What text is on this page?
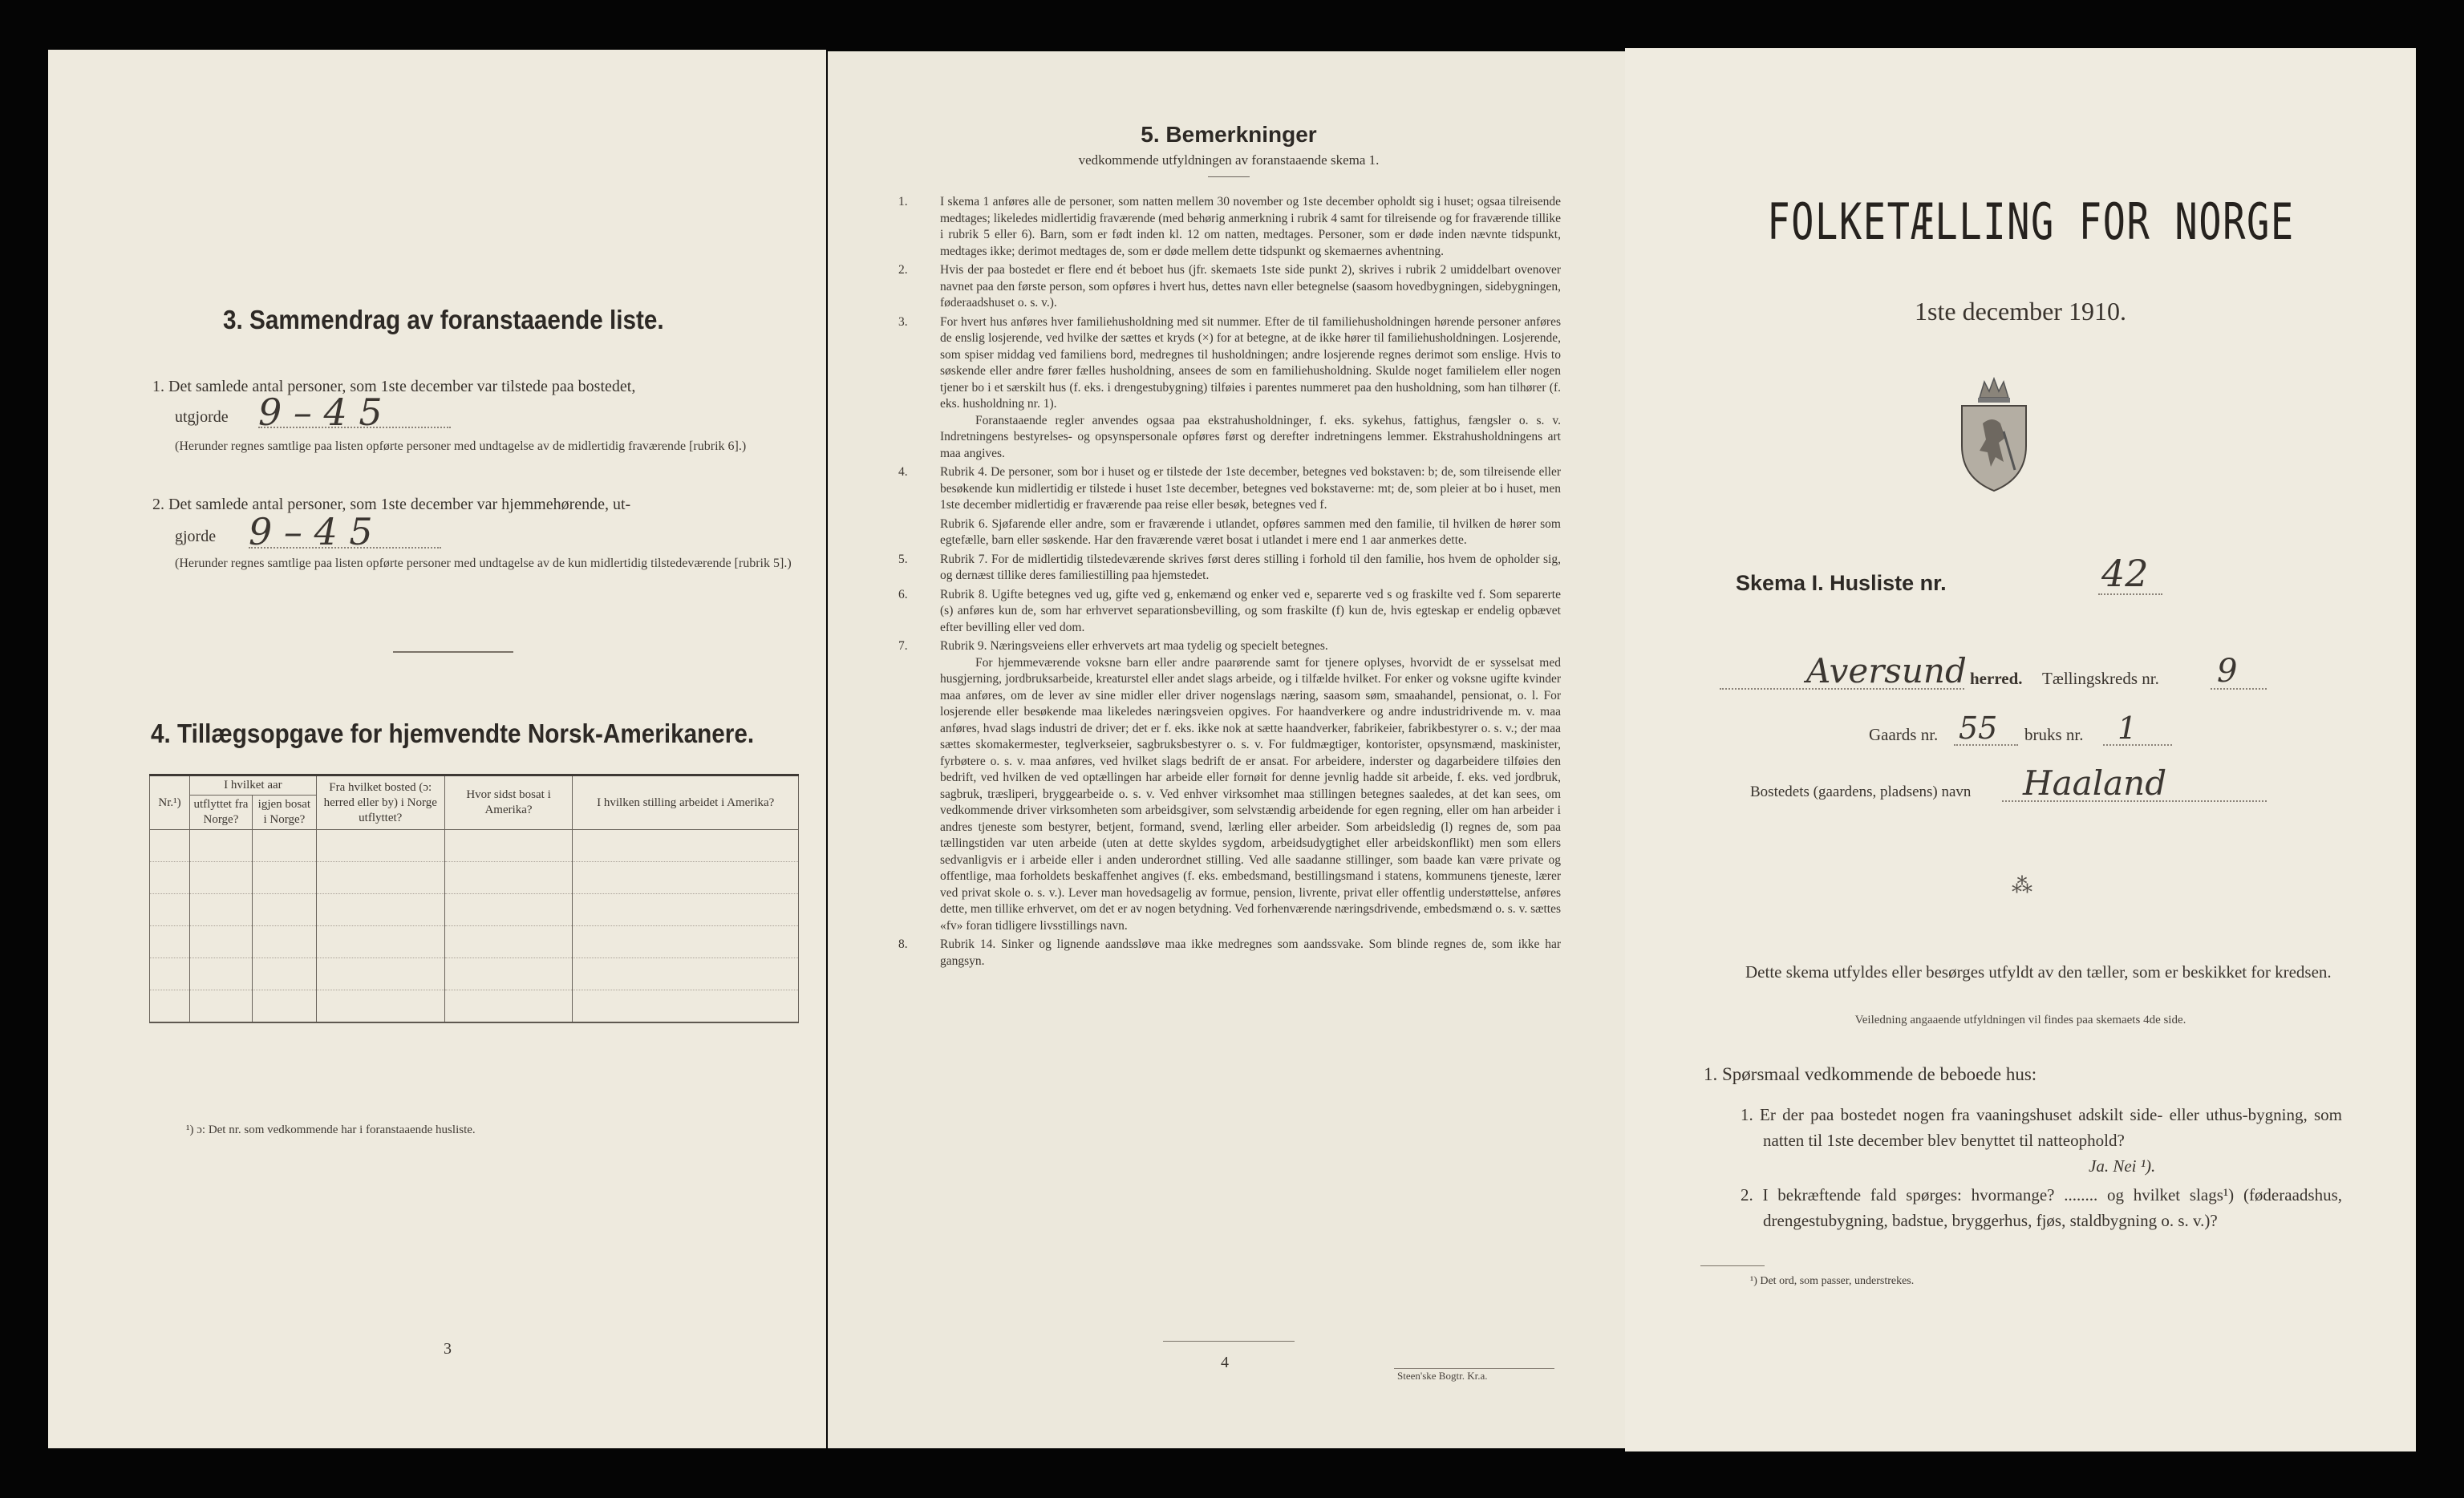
3. Sammendrag av foranstaaende liste.
1. Det samlede antal personer, som 1ste december var tilstede paa bostedet,
utgjorde 9 – 4 5
(Herunder regnes samtlige paa listen opførte personer med undtagelse av de midlertidig fraværende [rubrik 6].)
2. Det samlede antal personer, som 1ste december var hjemmehørende, ut-
gjorde 9 – 4 5
(Herunder regnes samtlige paa listen opførte personer med undtagelse av de kun midlertidig tilstedeværende [rubrik 5].)
4. Tillægsopgave for hjemvendte Norsk-Amerikanere.
Nr.¹)	I hvilket aar		Fra hvilket bosted (ɔ: herred eller by) i Norge utflyttet?	Hvor sidst bosat i Amerika?	I hvilken stilling arbeidet i Amerika?
	utflyttet fra Norge?	igjen bosat i Norge?			

¹) ɔ: Det nr. som vedkommende har i foranstaaende husliste.
3
5. Bemerkninger
vedkommende utfyldningen av foranstaaende skema 1.

1.	I skema 1 anføres alle de personer, som natten mellem 30 november og 1ste december opholdt sig i huset; ogsaa tilreisende medtages; likeledes midlertidig fraværende (med behørig anmerkning i rubrik 4 samt for tilreisende og for fraværende tillike i rubrik 5 eller 6). Barn, som er født inden kl. 12 om natten, medtages. Personer, som er døde inden nævnte tidspunkt, medtages ikke; derimot medtages de, som er døde mellem dette tidspunkt og skemaernes avhentning.

2.	Hvis der paa bostedet er flere end ét beboet hus (jfr. skemaets 1ste side punkt 2), skrives i rubrik 2 umiddelbart ovenover navnet paa den første person, som opføres i hvert hus, dettes navn eller betegnelse (saasom hovedbygningen, sidebygningen, føderaadshuset o. s. v.).

3.	For hvert hus anføres hver familiehusholdning med sit nummer. Efter de til familiehusholdningen hørende personer anføres de enslig losjerende, ved hvilke der sættes et kryds (×) for at betegne, at de ikke hører til familiehusholdningen. Losjerende, som spiser middag ved familiens bord, medregnes til husholdningen; andre losjerende regnes derimot som enslige. Hvis to søskende eller andre fører fælles husholdning, ansees de som en familiehusholdning. Skulde noget familielem eller nogen tjener bo i et særskilt hus (f. eks. i drengestubygning) tilføies i parentes nummeret paa den husholdning, som han tilhører (f. eks. husholdning nr. 1).

Foranstaaende regler anvendes ogsaa paa ekstrahusholdninger, f. eks. sykehus, fattighus, fængsler o. s. v. Indretningens bestyrelses- og opsynspersonale opføres først og derefter indretningens lemmer. Ekstrahusholdningens art maa angives.

4.	Rubrik 4. De personer, som bor i huset og er tilstede der 1ste december, betegnes ved bokstaven: b; de, som tilreisende eller besøkende kun midlertidig er tilstede i huset 1ste december, betegnes ved bokstaverne: mt; de, som pleier at bo i huset, men 1ste december midlertidig er fraværende paa reise eller besøk, betegnes ved f.

Rubrik 6. Sjøfarende eller andre, som er fraværende i utlandet, opføres sammen med den familie, til hvilken de hører som egtefælle, barn eller søskende. Har den fraværende været bosat i utlandet i mere end 1 aar anmerkes dette.

5.	Rubrik 7. For de midlertidig tilstedeværende skrives først deres stilling i forhold til den familie, hos hvem de opholder sig, og dernæst tillike deres familiestilling paa hjemstedet.

6.	Rubrik 8. Ugifte betegnes ved ug, gifte ved g, enkemænd og enker ved e, separerte ved s og fraskilte ved f. Som separerte (s) anføres kun de, som har erhvervet separationsbevilling, og som fraskilte (f) kun de, hvis egteskap er endelig opbævet efter bevilling eller ved dom.

7.	Rubrik 9. Næringsveiens eller erhvervets art maa tydelig og specielt betegnes.

For hjemmeværende voksne barn eller andre paarørende samt for tjenere oplyses, hvorvidt de er sysselsat med husgjerning, jordbruksarbeide, kreaturstel eller andet slags arbeide, og i tilfælde hvilket. For enker og voksne ugifte kvinder maa anføres, om de lever av sine midler eller driver nogenslags næring, saasom søm, smaahandel, pensionat, o. l. For losjerende eller besøkende maa likeledes næringsveien opgives. For haandverkere og andre industridrivende m. v. maa anføres, hvad slags industri de driver; det er f. eks. ikke nok at sætte haandverker, fabrikeier, fabrikbestyrer o. s. v.; der maa sættes skomakermester, teglverkseier, sagbruksbestyrer o. s. v. For fuldmægtiger, kontorister, opsynsmænd, maskinister, fyrbøtere o. s. v. maa anføres, ved hvilket slags bedrift de er ansat. For arbeidere, inderster og dagarbeidere tilføies den bedrift, ved hvilken de ved optællingen har arbeide eller fornøit for denne jevnlig hadde sit arbeide, f. eks. ved jordbruk, sagbruk, træsliperi, bryggearbeide o. s. v. Ved enhver virksomhet maa stillingen betegnes saaledes, at det kan sees, om vedkommende driver virksomheten som arbeidsgiver, som selvstændig arbeidende for egen regning, eller om han arbeider i andres tjeneste som bestyrer, betjent, formand, svend, lærling eller arbeider. Som arbeidsledig (l) regnes de, som paa tællingstiden var uten arbeide (uten at dette skyldes sygdom, arbeidsudygtighet eller arbeidskonflikt) men som ellers sedvanligvis er i arbeide eller i anden underordnet stilling. Ved alle saadanne stillinger, som baade kan være private og offentlige, maa forholdets beskaffenhet angives (f. eks. embedsmand, bestillingsmand i statens, kommunens tjeneste, lærer ved privat skole o. s. v.). Lever man hovedsagelig av formue, pension, livrente, privat eller offentlig understøttelse, anføres dette, men tillike erhvervet, om det er av nogen betydning. Ved forhenværende næringsdrivende, embedsmænd o. s. v. sættes «fv» foran tidligere livsstillings navn.

8.	Rubrik 14. Sinker og lignende aandssløve maa ikke medregnes som aandssvake. Som blinde regnes de, som ikke har gangsyn.

4
Steen'ske Bogtr. Kr.a.
FOLKETÆLLING FOR NORGE
1ste december 1910.
Skema I. Husliste nr.	42
Aversund herred. Tællingskreds nr. 9
Gaards nr. 55 bruks nr. 1
Bostedets (gaardens, pladsens) navn Haaland
⁂
Dette skema utfyldes eller besørges utfyldt av den tæller, som er beskikket for kredsen.
Veiledning angaaende utfyldningen vil findes paa skemaets 4de side.
1. Spørsmaal vedkommende de beboede hus:
1. Er der paa bostedet nogen fra vaaningshuset adskilt side- eller uthus-bygning, som natten til 1ste december blev benyttet til natteophold?
Ja. Nei ¹).
2. I bekræftende fald spørges: hvormange? ........ og hvilket slags¹) (føderaadshus, drengestubygning, badstue, bryggerhus, fjøs, staldbygning o. s. v.)?
¹) Det ord, som passer, understrekes.
